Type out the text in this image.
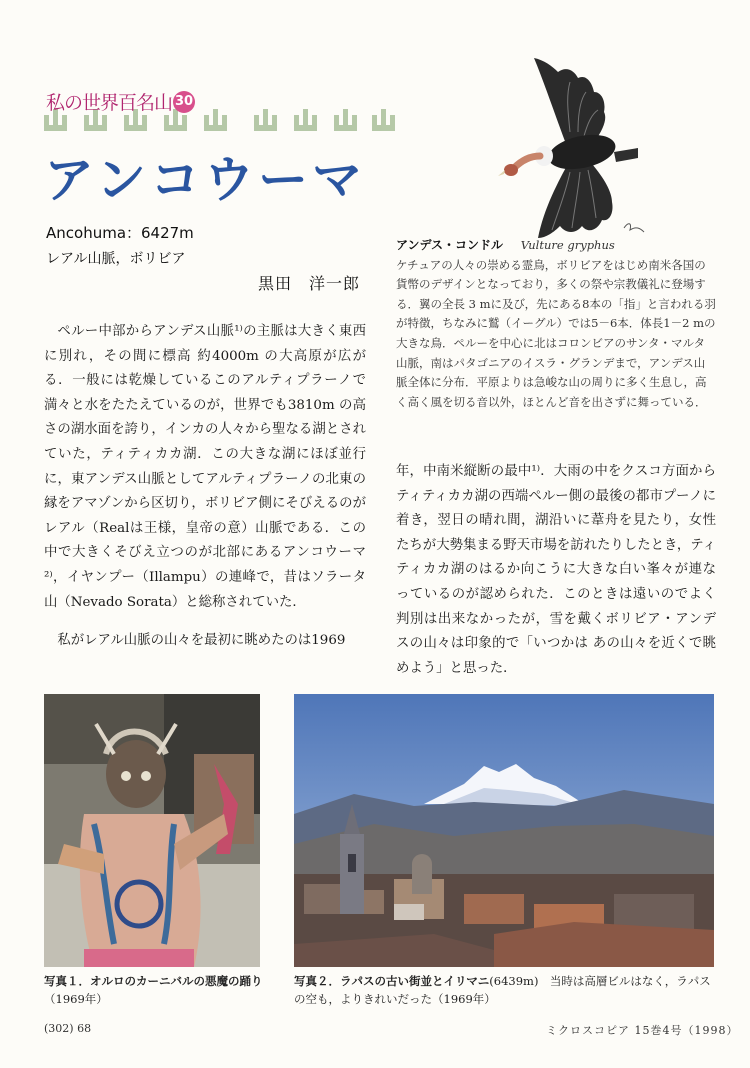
私の世界百名山 30
アンコウーマ
Ancohuma：6427m
レアル山脈，ボリビア
黒田　洋一郎
アンデス・コンドル Vulture gryphus
ケチュアの人々の崇める霊鳥，ボリビアをはじめ南米各国の貨幣のデザインとなっており，多くの祭や宗教儀礼に登場する．翼の全長 3 mに及び，先にある8本の「指」と言われる羽が特徴，ちなみに鷲（イーグル）では5－6本．体長1－2 mの大きな鳥．ペルーを中心に北はコロンビアのサンタ・マルタ山脈，南はパタゴニアのイスラ・グランデまで，アンデス山脈全体に分布．平原よりは急峻な山の周りに多く生息し，高く高く風を切る音以外，ほとんど音を出さずに舞っている．

ペルー中部からアンデス山脈¹⁾の主脈は大きく東西に別れ，その間に標高 約4000m の大高原が広がる．一般には乾燥しているこのアルティプラーノで満々と水をたたえているのが，世界でも3810m の高さの湖水面を誇り，インカの人々から聖なる湖とされていた，ティティカカ湖．この大きな湖にほぼ並行に，東アンデス山脈としてアルティプラーノの北東の縁をアマゾンから区切り，ボリビア側にそびえるのがレアル（Realは王様，皇帝の意）山脈である．この中で大きくそびえ立つのが北部にあるアンコウーマ²⁾，イヤンプー（Illampu）の連峰で，昔はソラータ山（Nevado Sorata）と総称されていた．

私がレアル山脈の山々を最初に眺めたのは1969

年，中南米縦断の最中¹⁾．大雨の中をクスコ方面からティティカカ湖の西端ペルー側の最後の都市プーノに着き，翌日の晴れ間，湖沿いに葦舟を見たり，女性たちが大勢集まる野天市場を訪れたりしたとき，ティティカカ湖のはるか向こうに大きな白い峯々が連なっているのが認められた．このときは遠いのでよく判別は出来なかったが，雪を戴くボリビア・アンデスの山々は印象的で「いつかは あの山々を近くで眺めよう」と思った．

写真１．オルロのカーニバルの悪魔の踊り（1969年）
写真２．ラパスの古い街並とイリマニ(6439m)　当時は高層ビルはなく，ラパスの空も，よりきれいだった（1969年）
(302) 68	ミクロスコピア 15巻4号（1998）
